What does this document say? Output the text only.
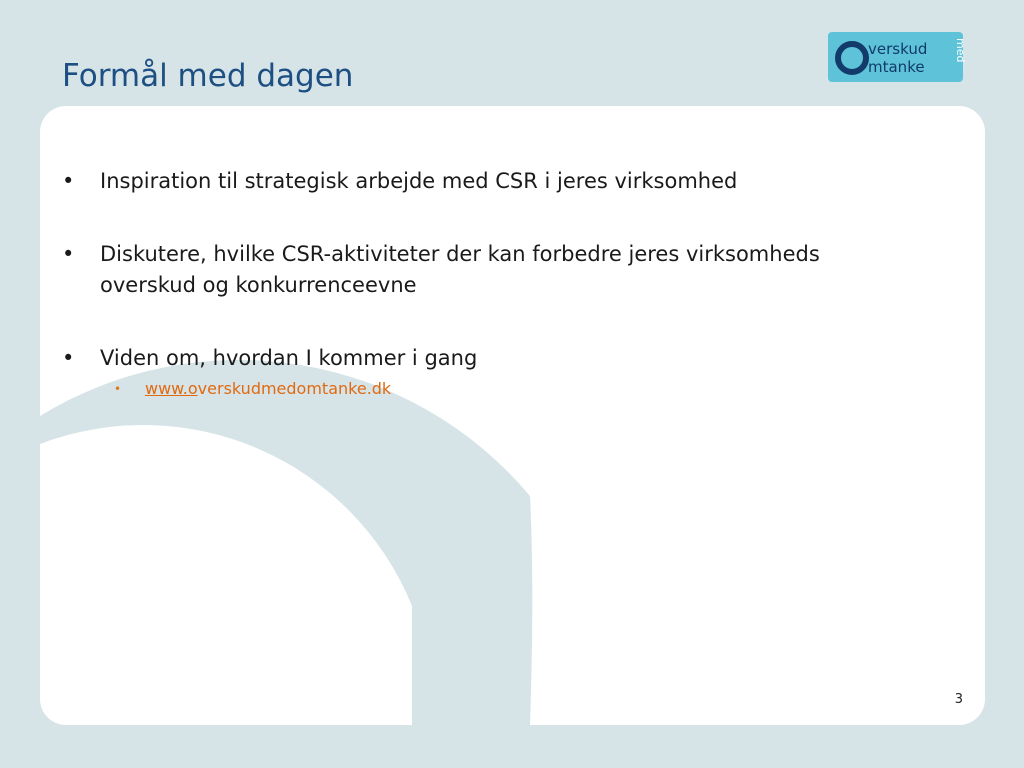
Formål med dagen
verskud
mtanke
med
• Inspiration til strategisk arbejde med CSR i jeres virksomhed
• Diskutere, hvilke CSR-aktiviteter der kan forbedre jeres virksomheds overskud og konkurrenceevne
• Viden om, hvordan I kommer i gang
• www.overskudmedomtanke.dk
3
